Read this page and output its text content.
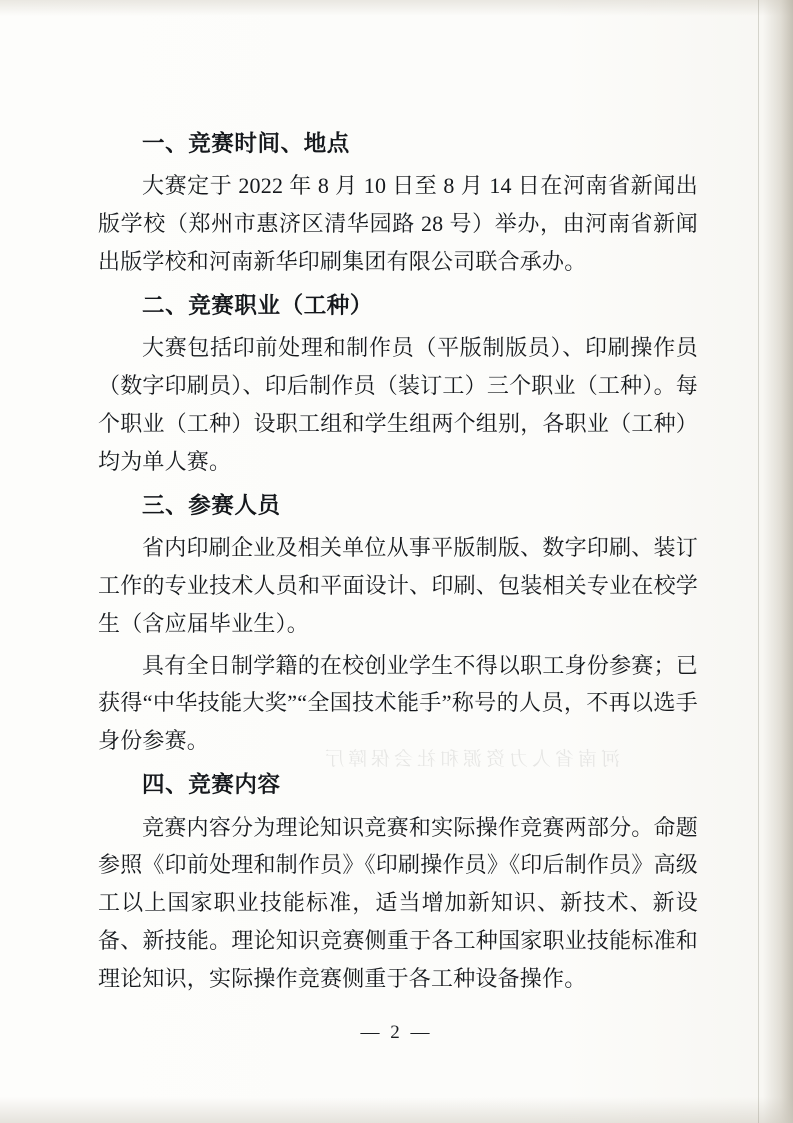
河南省人力资源和社会保障厅

一、竞赛时间、地点

大赛定于 2022 年 8 月 10 日至 8 月 14 日在河南省新闻出版学校（郑州市惠济区清华园路 28 号）举办，由河南省新闻出版学校和河南新华印刷集团有限公司联合承办。

二、竞赛职业（工种）

大赛包括印前处理和制作员（平版制版员）、印刷操作员（数字印刷员）、印后制作员（装订工）三个职业（工种）。每个职业（工种）设职工组和学生组两个组别，各职业（工种）均为单人赛。

三、参赛人员

省内印刷企业及相关单位从事平版制版、数字印刷、装订工作的专业技术人员和平面设计、印刷、包装相关专业在校学生（含应届毕业生）。

具有全日制学籍的在校创业学生不得以职工身份参赛；已获得“中华技能大奖”“全国技术能手”称号的人员，不再以选手身份参赛。

四、竞赛内容

竞赛内容分为理论知识竞赛和实际操作竞赛两部分。命题参照《印前处理和制作员》《印刷操作员》《印后制作员》高级工以上国家职业技能标准，适当增加新知识、新技术、新设备、新技能。理论知识竞赛侧重于各工种国家职业技能标准和理论知识，实际操作竞赛侧重于各工种设备操作。

— 2 —
